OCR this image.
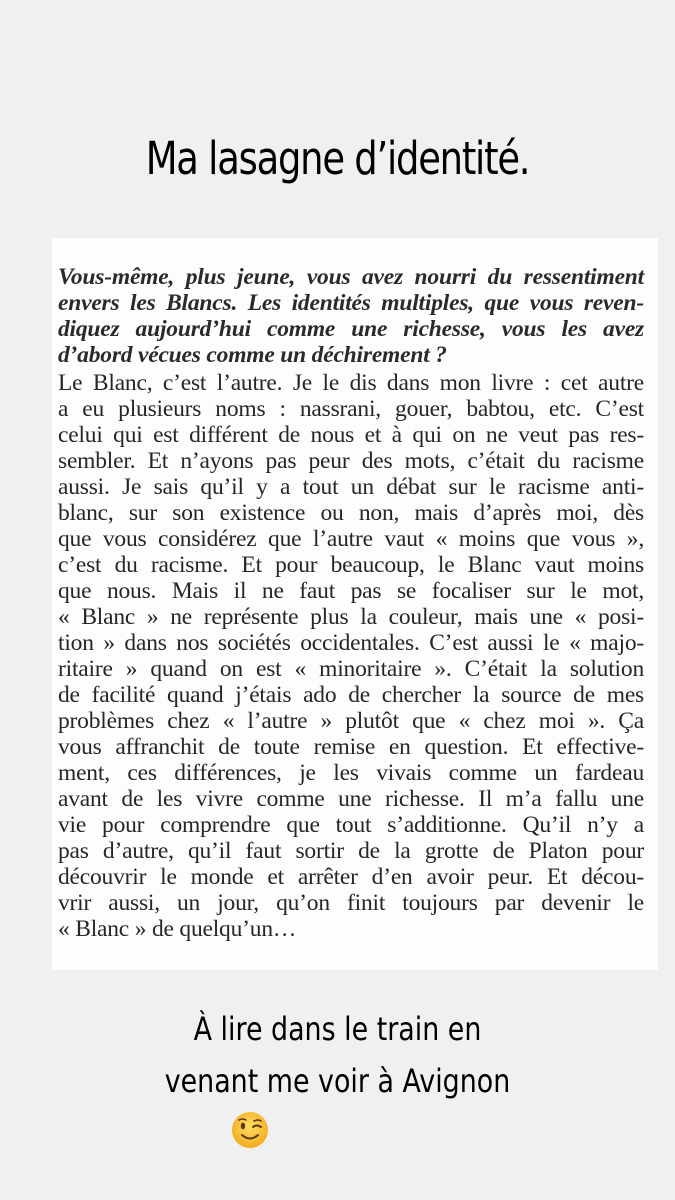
Ma lasagne d’identité.
Vous-même, plus jeune, vous avez nourri du ressentiment
envers les Blancs. Les identités multiples, que vous reven-
diquez aujourd’hui comme une richesse, vous les avez
d’abord vécues comme un déchirement ?
Le Blanc, c’est l’autre. Je le dis dans mon livre : cet autre
a eu plusieurs noms : nassrani, gouer, babtou, etc. C’est
celui qui est différent de nous et à qui on ne veut pas res-
sembler. Et n’ayons pas peur des mots, c’était du racisme
aussi. Je sais qu’il y a tout un débat sur le racisme anti-
blanc, sur son existence ou non, mais d’après moi, dès
que vous considérez que l’autre vaut « moins que vous »,
c’est du racisme. Et pour beaucoup, le Blanc vaut moins
que nous. Mais il ne faut pas se focaliser sur le mot,
« Blanc » ne représente plus la couleur, mais une « posi-
tion » dans nos sociétés occidentales. C’est aussi le « majo-
ritaire » quand on est « minoritaire ». C’était la solution
de facilité quand j’étais ado de chercher la source de mes
problèmes chez « l’autre » plutôt que « chez moi ». Ça
vous affranchit de toute remise en question. Et effective-
ment, ces différences, je les vivais comme un fardeau
avant de les vivre comme une richesse. Il m’a fallu une
vie pour comprendre que tout s’additionne. Qu’il n’y a
pas d’autre, qu’il faut sortir de la grotte de Platon pour
découvrir le monde et arrêter d’en avoir peur. Et décou-
vrir aussi, un jour, qu’on finit toujours par devenir le
« Blanc » de quelqu’un…
À lire dans le train en
venant me voir à Avignon
